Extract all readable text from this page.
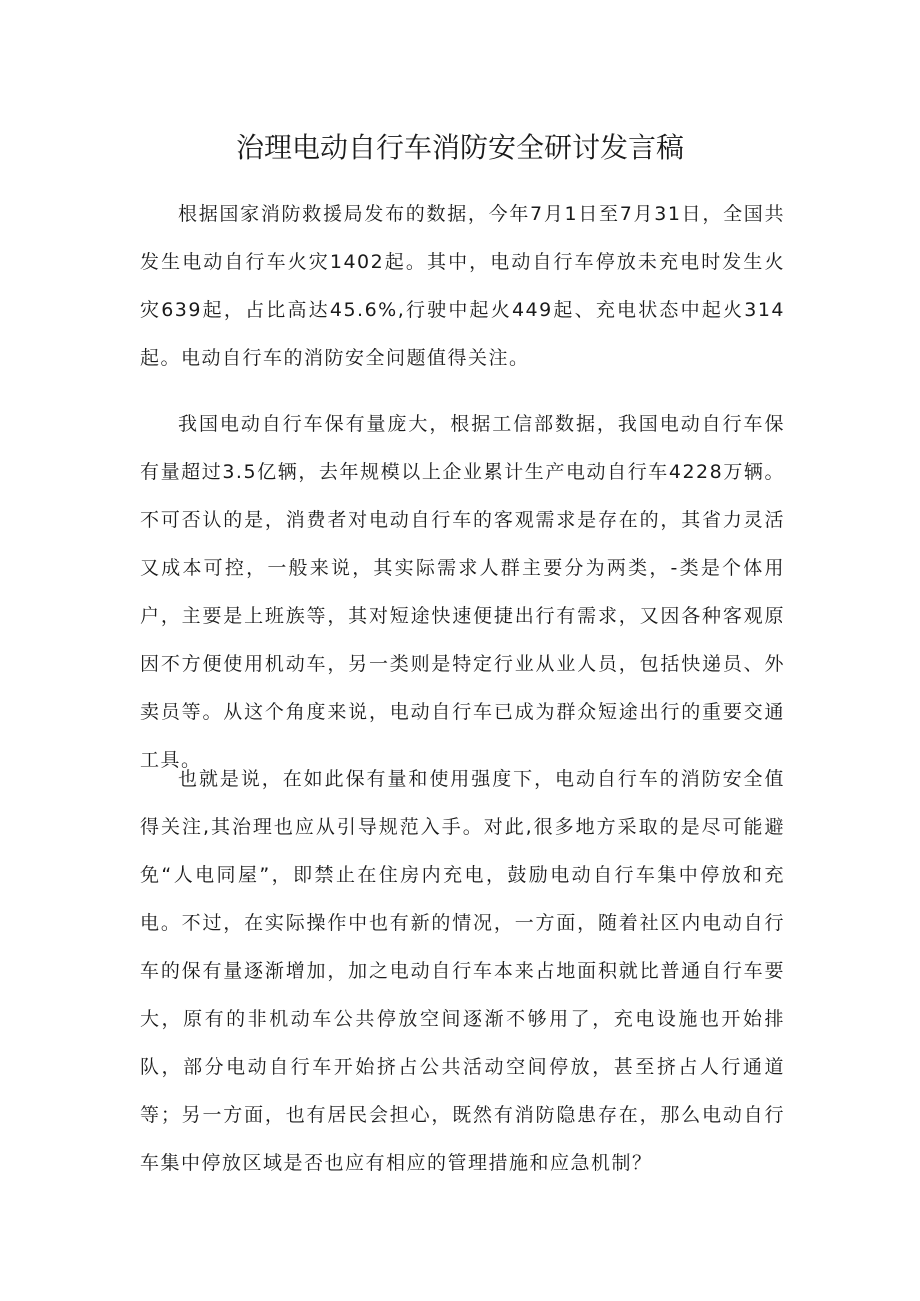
治理电动自行车消防安全研讨发言稿

根据国家消防救援局发布的数据，今年7月1日至7月31日，全国共发生电动自行车火灾1402起。其中，电动自行车停放未充电时发生火灾639起，占比高达45.6%,行驶中起火449起、充电状态中起火314起。电动自行车的消防安全问题值得关注。

我国电动自行车保有量庞大，根据工信部数据，我国电动自行车保有量超过3.5亿辆，去年规模以上企业累计生产电动自行车4228万辆。不可否认的是，消费者对电动自行车的客观需求是存在的，其省力灵活又成本可控，一般来说，其实际需求人群主要分为两类，-类是个体用户，主要是上班族等，其对短途快速便捷出行有需求，又因各种客观原因不方便使用机动车，另一类则是特定行业从业人员，包括快递员、外卖员等。从这个角度来说，电动自行车已成为群众短途出行的重要交通工具。

也就是说，在如此保有量和使用强度下，电动自行车的消防安全值得关注,其治理也应从引导规范入手。对此,很多地方采取的是尽可能避免“人电同屋”，即禁止在住房内充电，鼓励电动自行车集中停放和充电。不过，在实际操作中也有新的情况，一方面，随着社区内电动自行车的保有量逐渐增加，加之电动自行车本来占地面积就比普通自行车要大，原有的非机动车公共停放空间逐渐不够用了，充电设施也开始排队，部分电动自行车开始挤占公共活动空间停放，甚至挤占人行通道等；另一方面，也有居民会担心，既然有消防隐患存在，那么电动自行车集中停放区域是否也应有相应的管理措施和应急机制？
